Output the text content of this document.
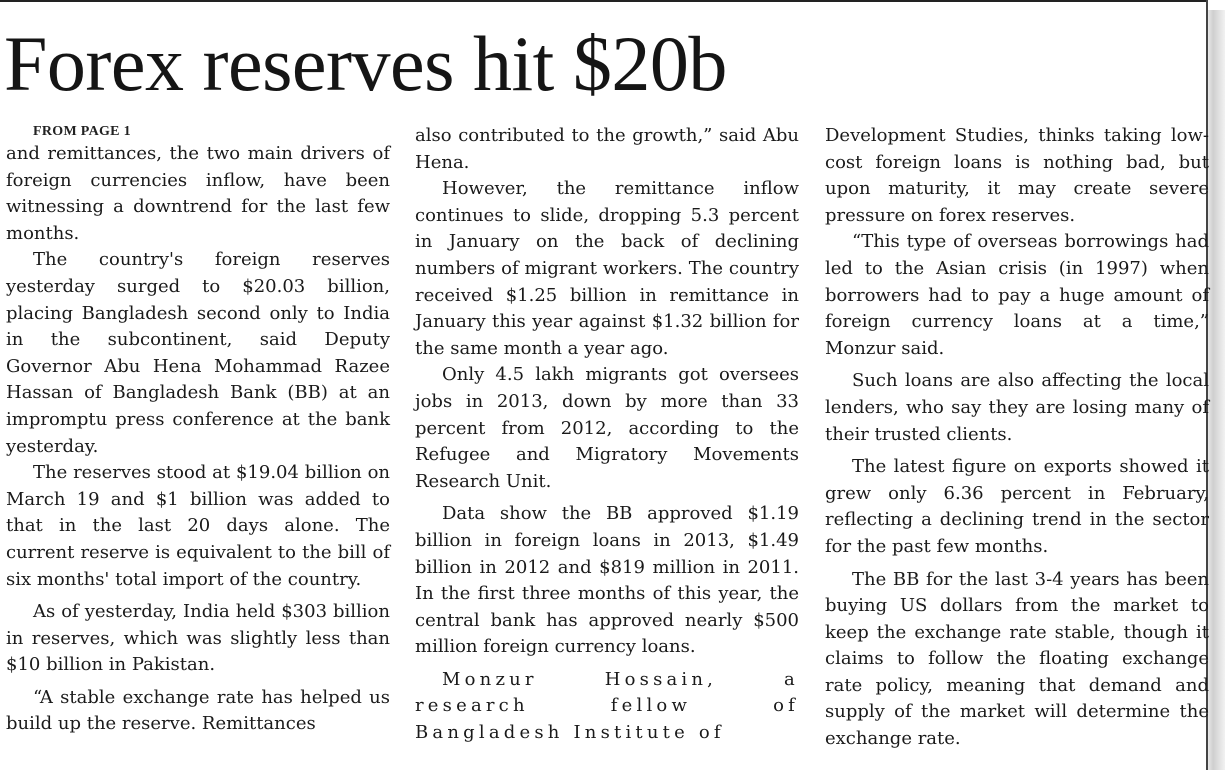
Forex reserves hit $20b

FROM PAGE 1

and remittances, the two main drivers of foreign currencies inflow, have been witnessing a downtrend for the last few months.

The country's foreign reserves yesterday surged to $20.03 billion, placing Bangladesh second only to India in the subcontinent, said Deputy Governor Abu Hena Mohammad Razee Hassan of Bangladesh Bank (BB) at an impromptu press conference at the bank yesterday.

The reserves stood at $19.04 billion on March 19 and $1 billion was added to that in the last 20 days alone. The current reserve is equivalent to the bill of six months' total import of the country.

As of yesterday, India held $303 billion in reserves, which was slightly less than $10 billion in Pakistan.

“A stable exchange rate has helped us build up the reserve. Remittances

also contributed to the growth,” said Abu Hena.

However, the remittance inflow continues to slide, dropping 5.3 percent in January on the back of declining numbers of migrant workers. The country received $1.25 billion in remittance in January this year against $1.32 billion for the same month a year ago.

Only 4.5 lakh migrants got oversees jobs in 2013, down by more than 33 percent from 2012, according to the Refugee and Migratory Movements Research Unit.

Data show the BB approved $1.19 billion in foreign loans in 2013, $1.49 billion in 2012 and $819 million in 2011. In the first three months of this year, the central bank has approved nearly $500 million foreign currency loans.

Monzur Hossain, a research fellow of Bangladesh Institute of

Development Studies, thinks taking low-cost foreign loans is nothing bad, but upon maturity, it may create severe pressure on forex reserves.

“This type of overseas borrowings had led to the Asian crisis (in 1997) when borrowers had to pay a huge amount of foreign currency loans at a time,” Monzur said.

Such loans are also affecting the local lenders, who say they are losing many of their trusted clients.

The latest figure on exports showed it grew only 6.36 percent in February, reflecting a declining trend in the sector for the past few months.

The BB for the last 3-4 years has been buying US dollars from the market to keep the exchange rate stable, though it claims to follow the floating exchange rate policy, meaning that demand and supply of the market will determine the exchange rate.
